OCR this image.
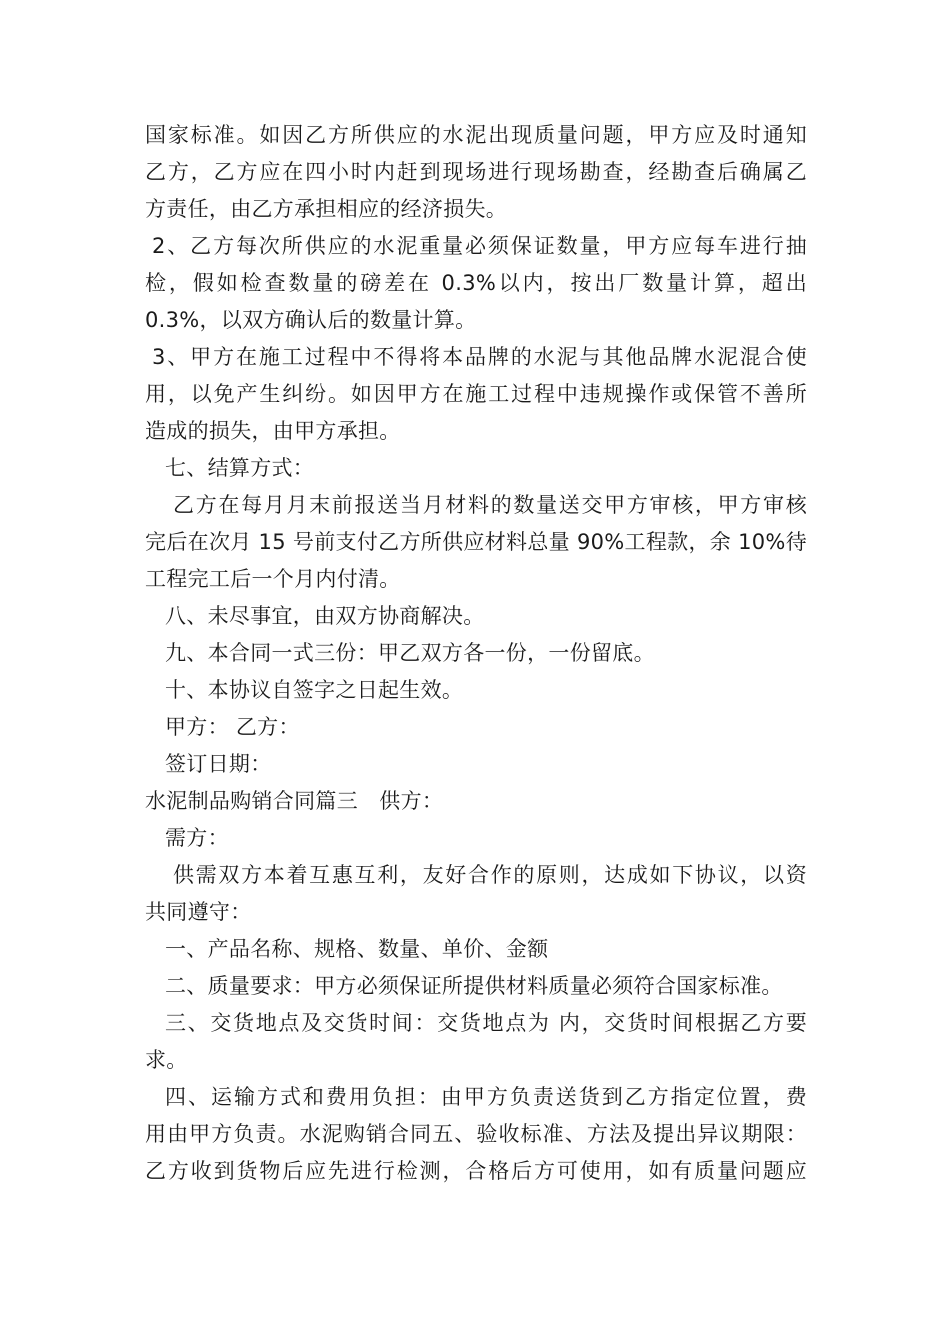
国家标准。如因乙方所供应的水泥出现质量问题，甲方应及时通知
乙方，乙方应在四小时内赶到现场进行现场勘查，经勘查后确属乙
方责任，由乙方承担相应的经济损失。
2、乙方每次所供应的水泥重量必须保证数量，甲方应每车进行抽
检，假如检查数量的磅差在 0.3%以内，按出厂数量计算，超出
0.3%，以双方确认后的数量计算。
3、甲方在施工过程中不得将本品牌的水泥与其他品牌水泥混合使
用，以免产生纠纷。如因甲方在施工过程中违规操作或保管不善所
造成的损失，由甲方承担。
七、结算方式：
乙方在每月月末前报送当月材料的数量送交甲方审核，甲方审核
完后在次月 15 号前支付乙方所供应材料总量 90%工程款，余 10%待
工程完工后一个月内付清。
八、未尽事宜，由双方协商解决。
九、本合同一式三份：甲乙双方各一份，一份留底。
十、本协议自签字之日起生效。
甲方： 乙方：
签订日期：
水泥制品购销合同篇三　供方：
需方：
供需双方本着互惠互利，友好合作的原则，达成如下协议，以资
共同遵守：
一、产品名称、规格、数量、单价、金额
二、质量要求：甲方必须保证所提供材料质量必须符合国家标准。
三、交货地点及交货时间：交货地点为 内，交货时间根据乙方要
求。
四、运输方式和费用负担：由甲方负责送货到乙方指定位置，费
用由甲方负责。水泥购销合同五、验收标准、方法及提出异议期限：
乙方收到货物后应先进行检测，合格后方可使用，如有质量问题应
